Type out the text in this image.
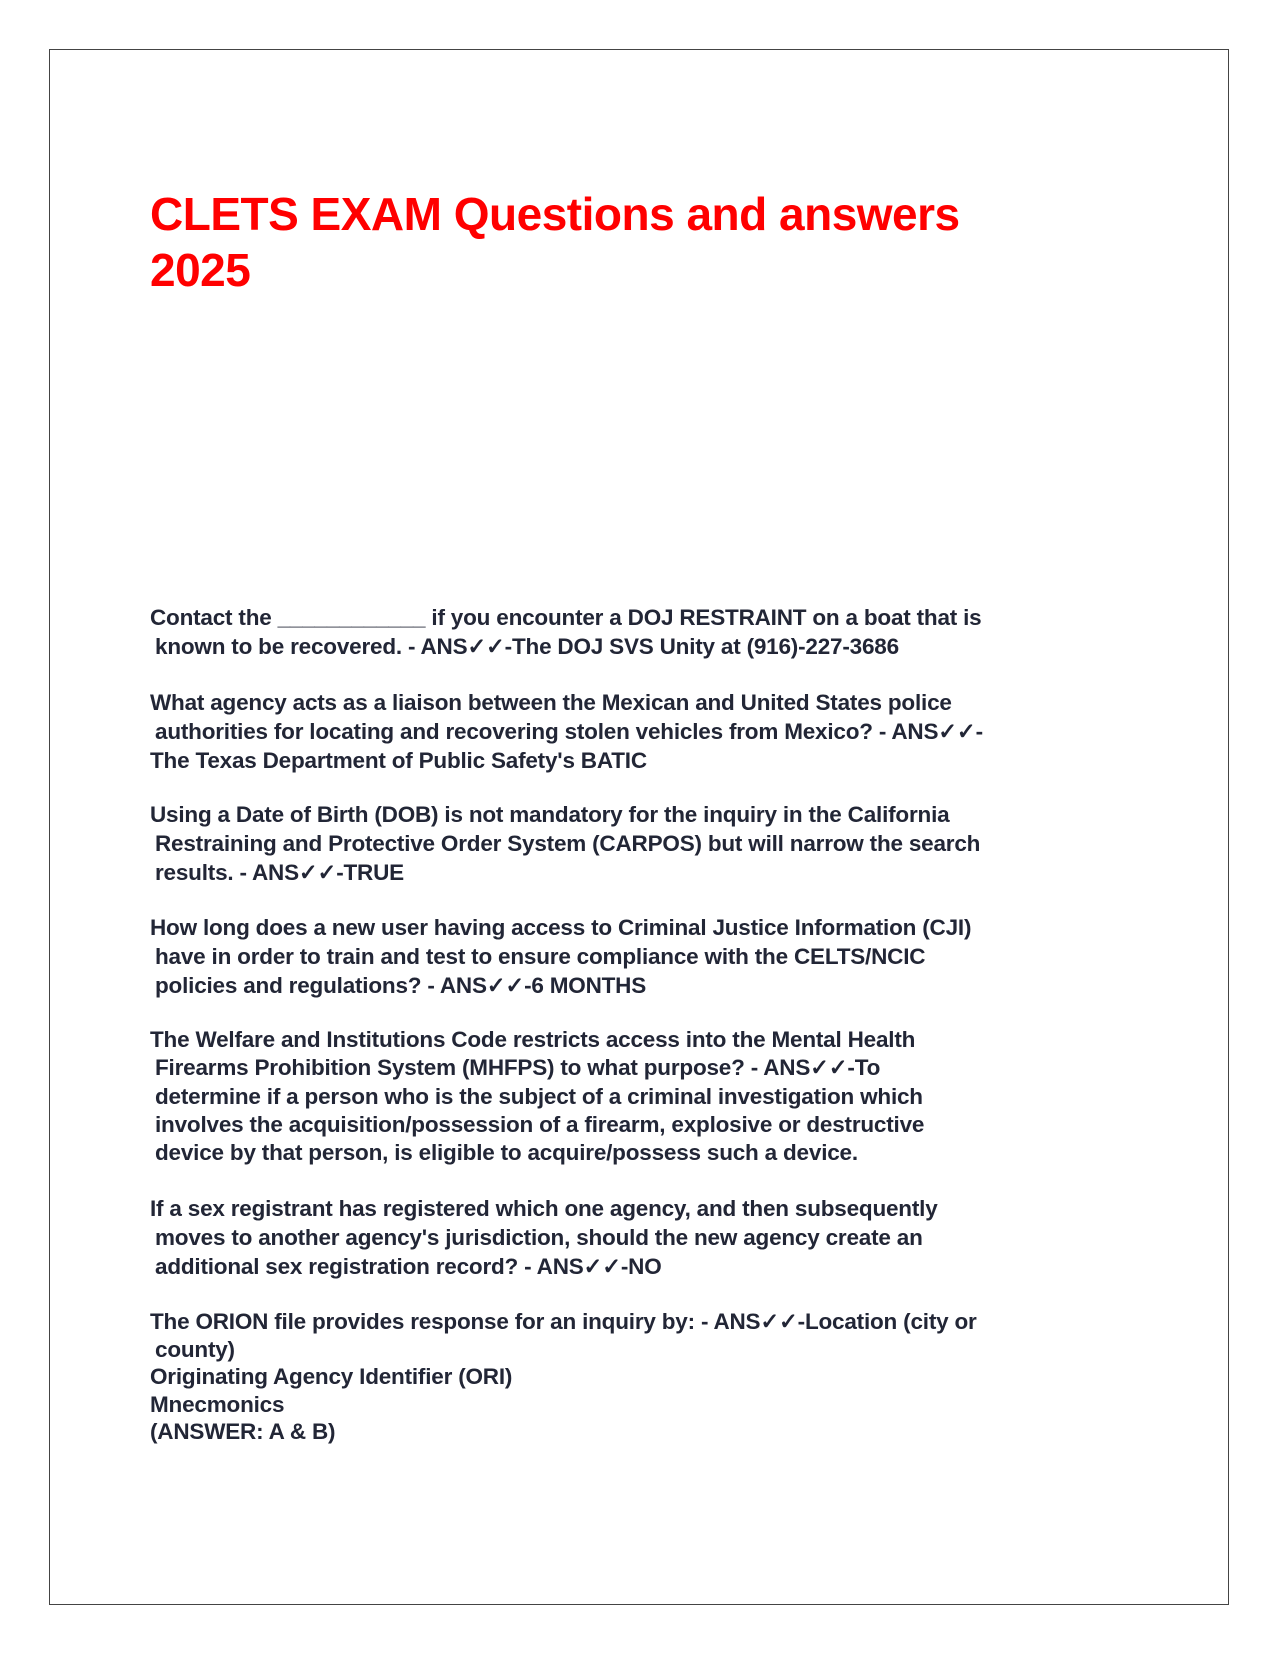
CLETS EXAM Questions and answers
2025
Contact the ____________ if you encounter a DOJ RESTRAINT on a boat that is
known to be recovered. - ANS✓✓-The DOJ SVS Unity at (916)-227-3686
What agency acts as a liaison between the Mexican and United States police
authorities for locating and recovering stolen vehicles from Mexico? - ANS✓✓-
The Texas Department of Public Safety's BATIC
Using a Date of Birth (DOB) is not mandatory for the inquiry in the California
Restraining and Protective Order System (CARPOS) but will narrow the search
results. - ANS✓✓-TRUE
How long does a new user having access to Criminal Justice Information (CJI)
have in order to train and test to ensure compliance with the CELTS/NCIC
policies and regulations? - ANS✓✓-6 MONTHS
The Welfare and Institutions Code restricts access into the Mental Health
Firearms Prohibition System (MHFPS) to what purpose? - ANS✓✓-To
determine if a person who is the subject of a criminal investigation which
involves the acquisition/possession of a firearm, explosive or destructive
device by that person, is eligible to acquire/possess such a device.
If a sex registrant has registered which one agency, and then subsequently
moves to another agency's jurisdiction, should the new agency create an
additional sex registration record? - ANS✓✓-NO
The ORION file provides response for an inquiry by: - ANS✓✓-Location (city or
county)
Originating Agency Identifier (ORI)
Mnecmonics
(ANSWER: A & B)
